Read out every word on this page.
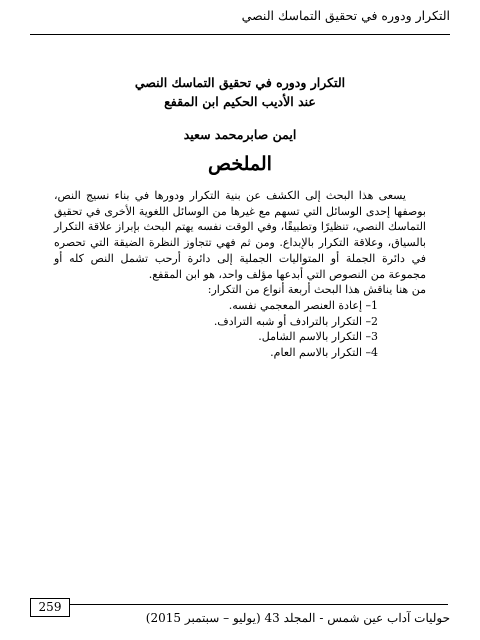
التكرار ودوره في تحقيق التماسك النصي
التكرار ودوره في تحقيق التماسك النصي
عند الأديب الحكيم ابن المقفع
ايمن صابرمحمد سعيد
الملخص

يسعى هذا البحث إلى الكشف عن بنية التكرار ودورها في بناء نسيج النص، بوصفها إحدى الوسائل التي تسهم مع غيرها من الوسائل اللغوية الأخرى في تحقيق التماسك النصي، تنظيرًا وتطبيقًا، وفي الوقت نفسه يهتم البحث بإبراز علاقة التكرار بالسياق، وعلاقة التكرار بالإبداع. ومن ثم فهي تتجاوز النظرة الضيقة التي تحصره في دائرة الجملة أو المتواليات الجملية إلى دائرة أرحب تشمل النص كله أو مجموعة من النصوص التي أبدعها مؤلف واحد، هو ابن المقفع.

من هنا يناقش هذا البحث أربعة أنواع من التكرار:

1– إعادة العنصر المعجمي نفسه.
2– التكرار بالترادف أو شبه الترادف.
3– التكرار بالاسم الشامل.
4– التكرار بالاسم العام.
259
حوليات آداب عين شمس - المجلد 43 (يوليو – سبتمبر 2015)
